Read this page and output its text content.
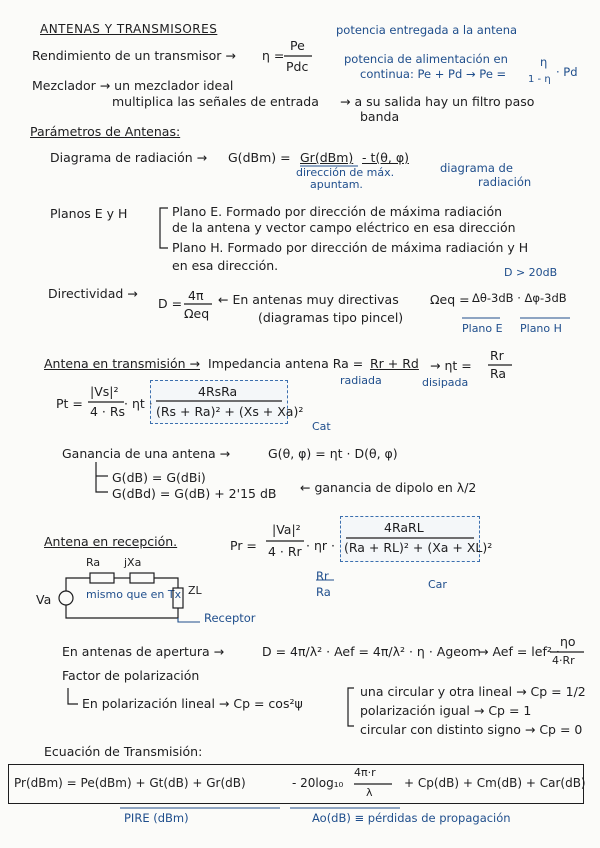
ANTENAS Y TRANSMISORES
Rendimiento de un transmisor → η =
Pe
Pdc
potencia entregada a la antena
potencia de alimentación en
continua: Pe + Pd → Pe =
η
1 - η
· Pd
Mezclador → un mezclador ideal
multiplica las señales de entrada → a su salida hay un filtro paso
banda
Parámetros de Antenas:
Diagrama de radiación → G(dBm) = Gr(dBm) - t(θ, φ)
dirección de máx.
apuntam.
diagrama de
radiación
Planos E y H	Plano E. Formado por dirección de máxima radiación
de la antena y vector campo eléctrico en esa dirección
Plano H. Formado por dirección de máxima radiación y H
en esa dirección.
Directividad →
D =
4π
Ωeq
← En antenas muy directivas
(diagramas tipo pincel)
D > 20dB
Ωeq = Δθ-3dB · Δφ-3dB
Plano E Plano H
Antena en transmisión → Impedancia antena Ra = Rr + Rd → ηt =
Rr
Ra
radiada	disipada
Pt =
|Vs|²
4 · Rs
· ηt ·
4RsRa
(Rs + Ra)² + (Xs + Xa)²
Cat
Ganancia de una antena →	G(θ, φ) = ηt · D(θ, φ)
G(dB) = G(dBi)
G(dBd) = G(dB) + 2'15 dB ← ganancia de dipolo en λ/2
Antena en recepción.	Pr =
|Va|²
4 · Rr · ηr ·
4RaRL
(Ra + RL)² + (Xa + XL)²
Car
Rr
Ra
Ra jXa
Va	mismo que en Tx ZL
Receptor
En antenas de apertura →	D = 4π/λ² · Aef = 4π/λ² · η · Ageom
→ Aef = lef² ·
ηo
4·Rr
Factor de polarización
En polarización lineal → Cp = cos²ψ
una circular y otra lineal → Cp = 1/2
polarización igual → Cp = 1
circular con distinto signo → Cp = 0
Ecuación de Transmisión:
Pr(dBm) = Pe(dBm) + Gt(dB) + Gr(dB)	- 20log₁₀
4π·r
λ
+ Cp(dB) + Cm(dB) + Car(dB)
PIRE (dBm)	Ao(dB) ≡ pérdidas de propagación
